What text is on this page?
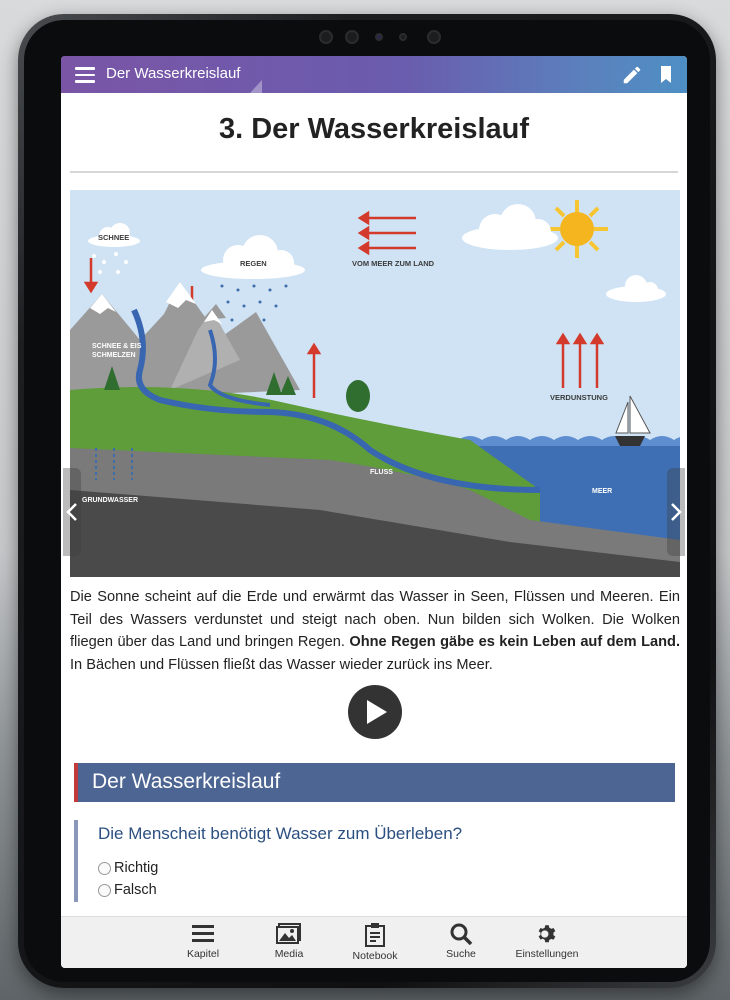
Der Wasserkreislauf
3. Der Wasserkreislauf
SCHNEE
REGEN	VOM MEER ZUM LAND
VERDUNSTUNG
SCHNEE & EIS
SCHMELZEN
FLUSS
MEER
GRUNDWASSER
Die Sonne scheint auf die Erde und erwärmt das Wasser in Seen, Flüssen und Meeren. Ein Teil des Wassers verdunstet und steigt nach oben. Nun bilden sich Wolken. Die Wolken fliegen über das Land und bringen Regen. Ohne Regen gäbe es kein Leben auf dem Land. In Bächen und Flüssen fließt das Wasser wieder zurück ins Meer.
Der Wasserkreislauf
Die Menscheit benötigt Wasser zum Überleben?
Richtig
Falsch
Kapitel	Media	Notebook	Suche	Einstellungen
